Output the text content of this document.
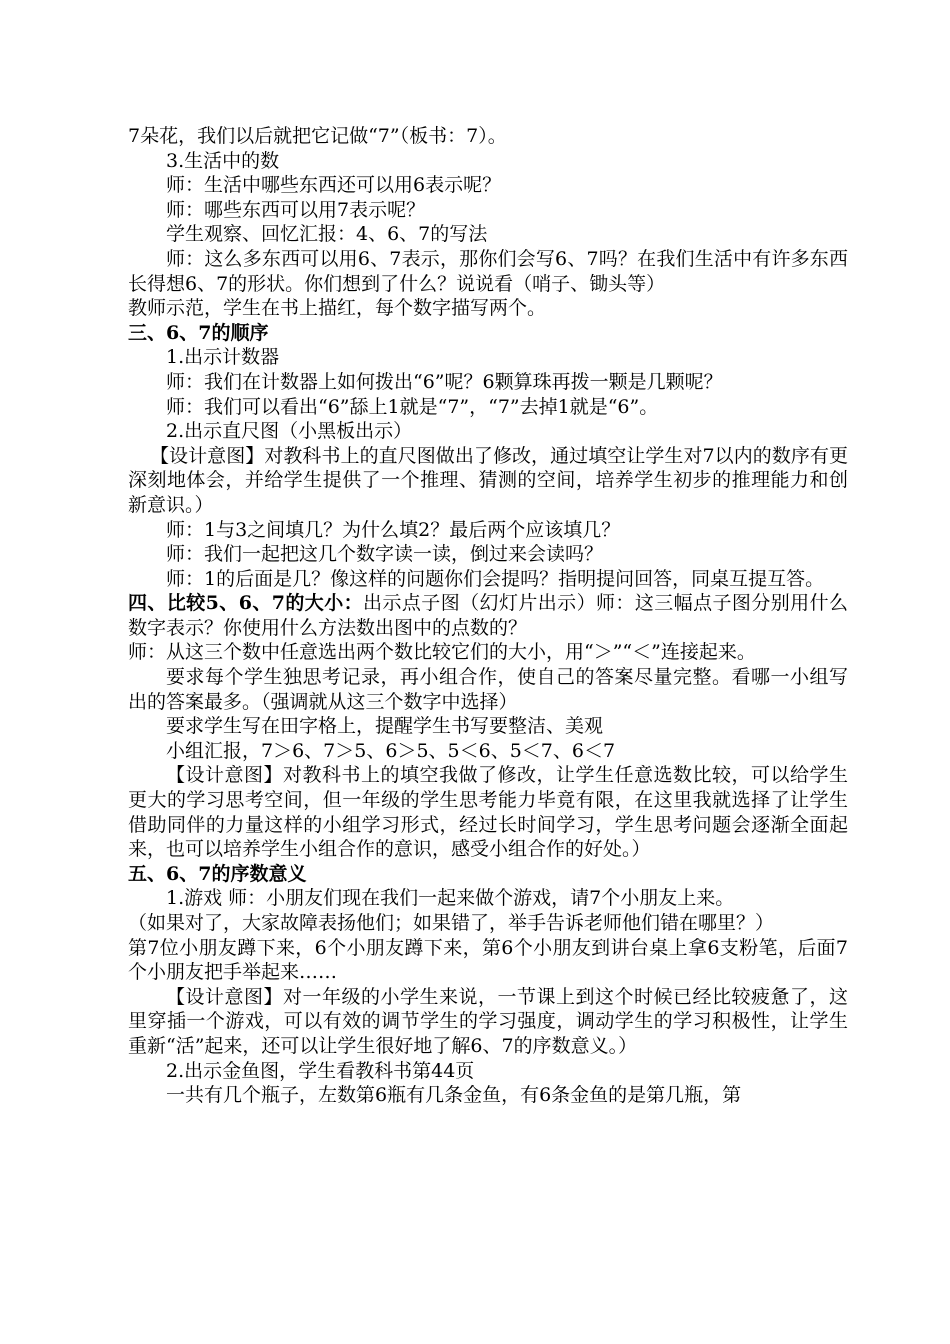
7朵花，我们以后就把它记做“7”（板书：7）。

3.生活中的数

师：生活中哪些东西还可以用6表示呢？

师：哪些东西可以用7表示呢？

学生观察、回忆汇报：4、6、7的写法

师：这么多东西可以用6、7表示，那你们会写6、7吗？在我们生活中有许多东西长得想6、7的形状。你们想到了什么？说说看（哨子、锄头等）

教师示范，学生在书上描红，每个数字描写两个。

三、6、7的顺序

1.出示计数器

师：我们在计数器上如何拨出“6”呢？6颗算珠再拨一颗是几颗呢？

师：我们可以看出“6”舔上1就是“7”，“7”去掉1就是“6”。

2.出示直尺图（小黑板出示）

【设计意图】对教科书上的直尺图做出了修改，通过填空让学生对7以内的数序有更深刻地体会，并给学生提供了一个推理、猜测的空间，培养学生初步的推理能力和创新意识。）

师：1与3之间填几？为什么填2？最后两个应该填几？

师：我们一起把这几个数字读一读，倒过来会读吗？

师：1的后面是几？像这样的问题你们会提吗？指明提问回答，同桌互提互答。

四、比较5、6、7的大小：出示点子图（幻灯片出示）师：这三幅点子图分别用什么数字表示？你使用什么方法数出图中的点数的？

师：从这三个数中任意选出两个数比较它们的大小，用“＞”“＜”连接起来。

要求每个学生独思考记录，再小组合作，使自己的答案尽量完整。看哪一小组写出的答案最多。（强调就从这三个数字中选择）

要求学生写在田字格上，提醒学生书写要整洁、美观

小组汇报，7＞6、7＞5、6＞5、5＜6、5＜7、6＜7

【设计意图】对教科书上的填空我做了修改，让学生任意选数比较，可以给学生更大的学习思考空间，但一年级的学生思考能力毕竟有限，在这里我就选择了让学生借助同伴的力量这样的小组学习形式，经过长时间学习，学生思考问题会逐渐全面起来，也可以培养学生小组合作的意识，感受小组合作的好处。）

五、6、7的序数意义

1.游戏 师：小朋友们现在我们一起来做个游戏，请7个小朋友上来。

（如果对了，大家故障表扬他们；如果错了，举手告诉老师他们错在哪里？）

第7位小朋友蹲下来，6个小朋友蹲下来，第6个小朋友到讲台桌上拿6支粉笔，后面7个小朋友把手举起来……

【设计意图】对一年级的小学生来说，一节课上到这个时候已经比较疲惫了，这里穿插一个游戏，可以有效的调节学生的学习强度，调动学生的学习积极性，让学生重新“活”起来，还可以让学生很好地了解6、7的序数意义。）

2.出示金鱼图，学生看教科书第44页

一共有几个瓶子，左数第6瓶有几条金鱼，有6条金鱼的是第几瓶，第
